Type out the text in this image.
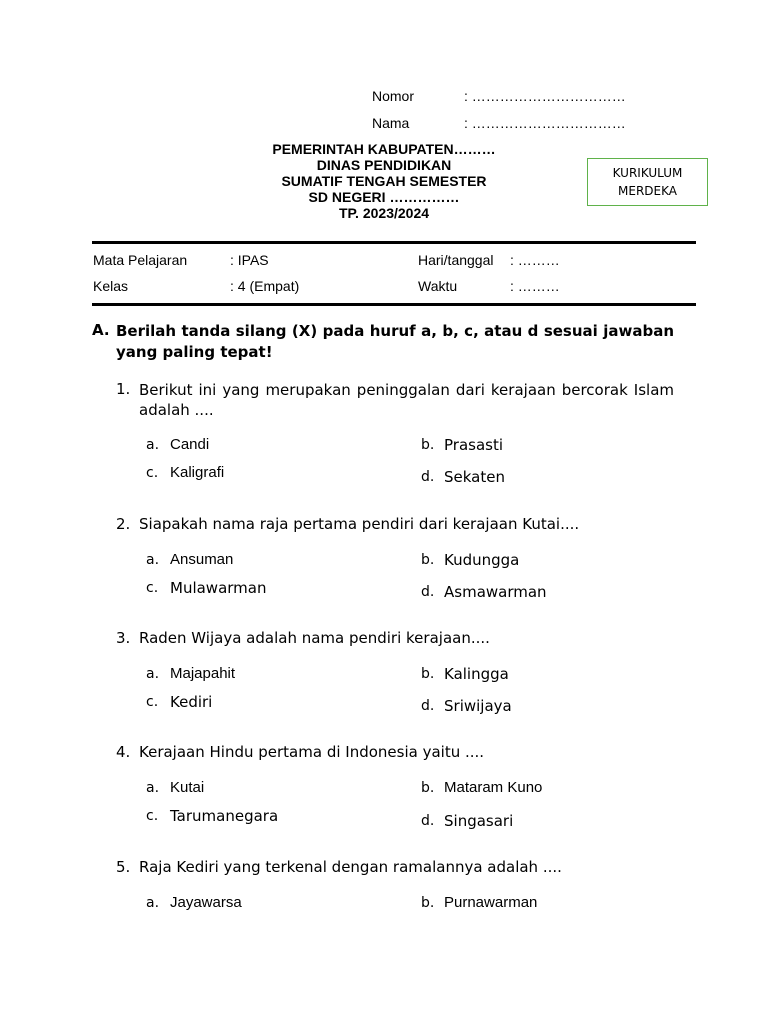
Nomor	: ……………………………
Nama	: ……………………………
PEMERINTAH KABUPATEN………
DINAS PENDIDIKAN
SUMATIF TENGAH SEMESTER
SD NEGERI ……………
TP. 2023/2024
KURIKULUM
MERDEKA
Mata Pelajaran	: IPAS	Hari/tanggal : ………
Kelas	: 4 (Empat)	Waktu	: ………
A. Berilah tanda silang (X) pada huruf a, b, c, atau d sesuai jawaban yang paling tepat!
1. Berikut ini yang merupakan peninggalan dari kerajaan bercorak Islam adalah ....
a. Candi	b. Prasasti
c. Kaligrafi	d. Sekaten
2. Siapakah nama raja pertama pendiri dari kerajaan Kutai....
a. Ansuman	b. Kudungga
c. Mulawarman	d. Asmawarman
3. Raden Wijaya adalah nama pendiri kerajaan....
a. Majapahit	b. Kalingga
c. Kediri	d. Sriwijaya
4. Kerajaan Hindu pertama di Indonesia yaitu ....
a. Kutai	b. Mataram Kuno
c. Tarumanegara	d. Singasari
5. Raja Kediri yang terkenal dengan ramalannya adalah ....
a. Jayawarsa	b. Purnawarman
